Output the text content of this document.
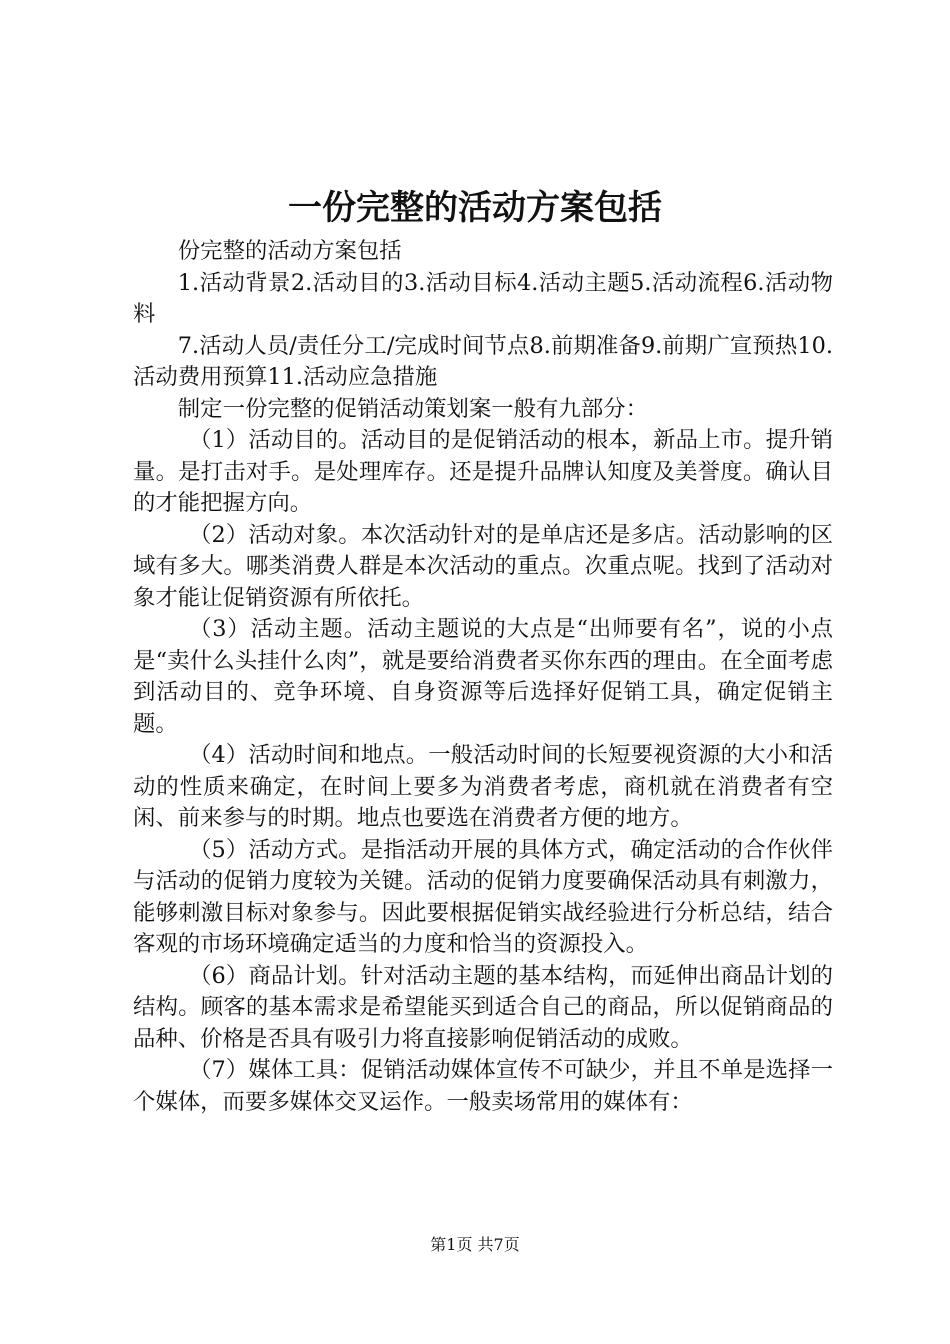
一份完整的活动方案包括

份完整的活动方案包括

1.活动背景2.活动目的3.活动目标4.活动主题5.活动流程6.活动物料

7.活动人员/责任分工/完成时间节点8.前期准备9.前期广宣预热10.活动费用预算11.活动应急措施

制定一份完整的促销活动策划案一般有九部分：

（1）活动目的。活动目的是促销活动的根本，新品上市。提升销量。是打击对手。是处理库存。还是提升品牌认知度及美誉度。确认目的才能把握方向。

（2）活动对象。本次活动针对的是单店还是多店。活动影响的区域有多大。哪类消费人群是本次活动的重点。次重点呢。找到了活动对象才能让促销资源有所依托。

（3）活动主题。活动主题说的大点是“出师要有名”，说的小点是“卖什么头挂什么肉”，就是要给消费者买你东西的理由。在全面考虑到活动目的、竞争环境、自身资源等后选择好促销工具，确定促销主题。

（4）活动时间和地点。一般活动时间的长短要视资源的大小和活动的性质来确定，在时间上要多为消费者考虑，商机就在消费者有空闲、前来参与的时期。地点也要选在消费者方便的地方。

（5）活动方式。是指活动开展的具体方式，确定活动的合作伙伴与活动的促销力度较为关键。活动的促销力度要确保活动具有刺激力，能够刺激目标对象参与。因此要根据促销实战经验进行分析总结，结合客观的市场环境确定适当的力度和恰当的资源投入。

（6）商品计划。针对活动主题的基本结构，而延伸出商品计划的结构。顾客的基本需求是希望能买到适合自己的商品，所以促销商品的品种、价格是否具有吸引力将直接影响促销活动的成败。

（7）媒体工具：促销活动媒体宣传不可缺少，并且不单是选择一个媒体，而要多媒体交叉运作。一般卖场常用的媒体有：

第1页 共7页
